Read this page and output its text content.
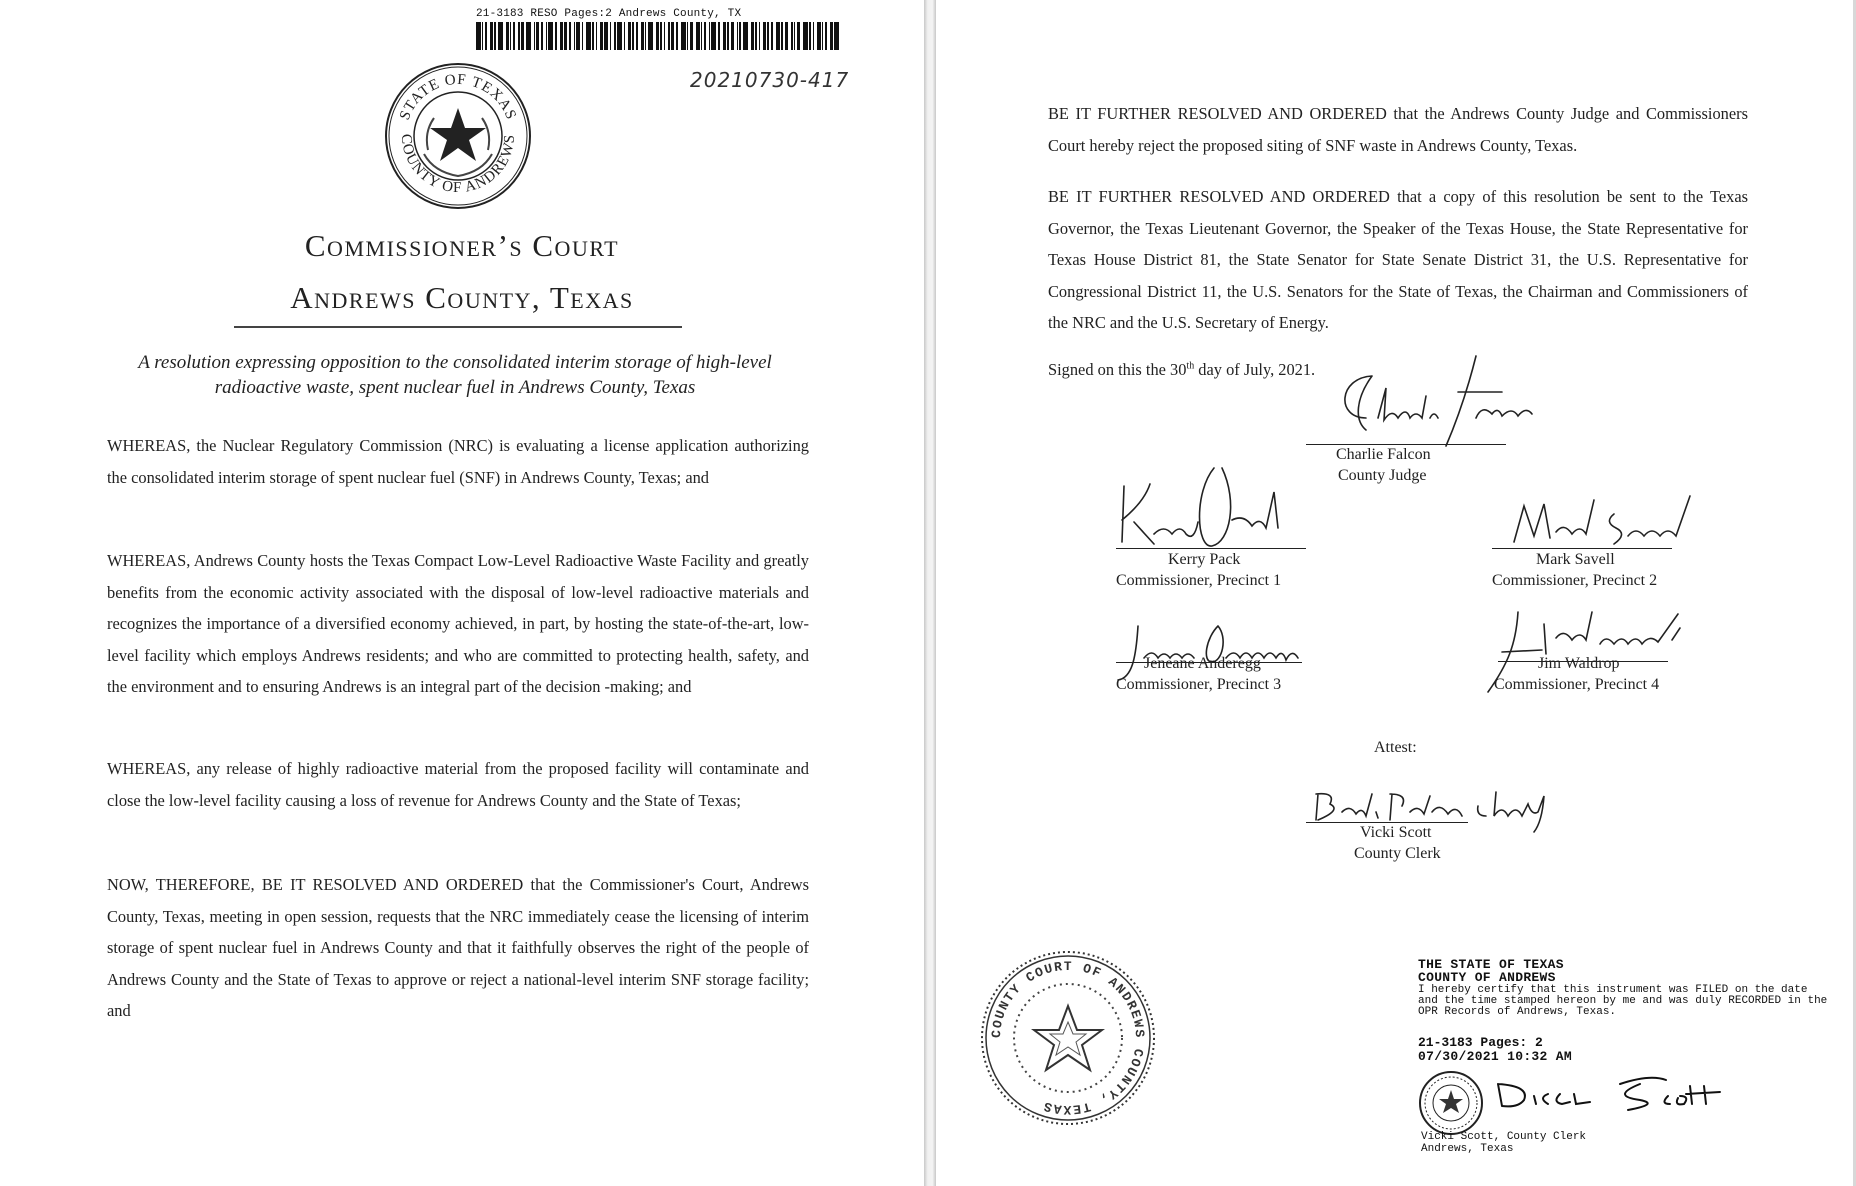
21-3183 RESO Pages:2 Andrews County, TX
20210730-417
STATE OF TEXAS
COUNTY OF ANDREWS
Commissioner’s Court
Andrews County, Texas
A resolution expressing opposition to the consolidated interim storage of high-level radioactive waste, spent nuclear fuel in Andrews County, Texas

WHEREAS, the Nuclear Regulatory Commission (NRC) is evaluating a license application authorizing the consolidated interim storage of spent nuclear fuel (SNF) in Andrews County, Texas; and

WHEREAS, Andrews County hosts the Texas Compact Low-Level Radioactive Waste Facility and greatly benefits from the economic activity associated with the disposal of low-level radioactive materials and recognizes the importance of a diversified economy achieved, in part, by hosting the state-of-the-art, low-level facility which employs Andrews residents; and who are committed to protecting health, safety, and the environment and to ensuring Andrews is an integral part of the decision -making; and

WHEREAS, any release of highly radioactive material from the proposed facility will contaminate and close the low-level facility causing a loss of revenue for Andrews County and the State of Texas;

NOW, THEREFORE, BE IT RESOLVED AND ORDERED that the Commissioner's Court, Andrews County, Texas, meeting in open session, requests that the NRC immediately cease the licensing of interim storage of spent nuclear fuel in Andrews County and that it faithfully observes the right of the people of Andrews County and the State of Texas to approve or reject a national-level interim SNF storage facility; and

BE IT FURTHER RESOLVED AND ORDERED that the Andrews County Judge and Commissioners Court hereby reject the proposed siting of SNF waste in Andrews County, Texas.

BE IT FURTHER RESOLVED AND ORDERED that a copy of this resolution be sent to the Texas Governor, the Texas Lieutenant Governor, the Speaker of the Texas House, the State Representative for Texas House District 81, the State Senator for State Senate District 31, the U.S. Representative for Congressional District 11, the U.S. Senators for the State of Texas, the Chairman and Commissioners of the NRC and the U.S. Secretary of Energy.

Signed on this the 30th day of July, 2021.
Charlie Falcon
County Judge
Kerry Pack
Commissioner, Precinct 1
Mark Savell
Commissioner, Precinct 2
Jeneane Anderegg
Commissioner, Precinct 3
Jim Waldrop
Commissioner, Precinct 4
Attest:
Vicki Scott
County Clerk
COUNTY COURT OF ANDREWS COUNTY, TEXAS
THE STATE OF TEXAS
COUNTY OF ANDREWS
I hereby certify that this instrument was FILED on the date and the time stamped hereon by me and was duly RECORDED in the OPR Records of Andrews, Texas.
21-3183 Pages: 2
07/30/2021 10:32 AM
Vicki Scott, County Clerk
Andrews, Texas
